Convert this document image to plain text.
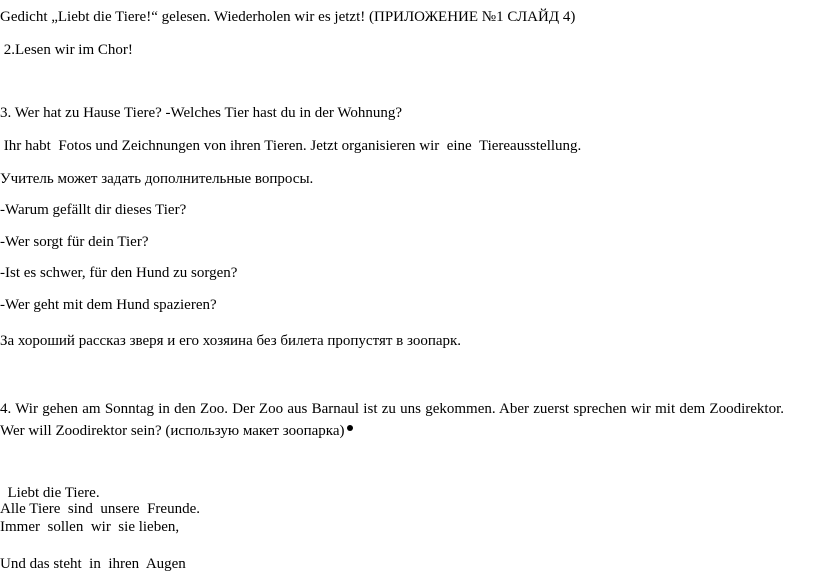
Gedicht „Liebt die Tiere!“ gelesen. Wiederholen wir es jetzt! (ПРИЛОЖЕНИЕ №1 СЛАЙД 4)
2.Lesen wir im Chor!
3. Wer hat zu Hause Tiere? -Welches Tier hast du in der Wohnung?
Ihr habt  Fotos und Zeichnungen von ihren Tieren. Jetzt organisieren wir  eine  Tiereausstellung.
Учитель может задать дополнительные вопросы.
-Warum gefällt dir dieses Tier?
-Wer sorgt für dein Tier?
-Ist es schwer, für den Hund zu sorgen?
-Wer geht mit dem Hund spazieren?
За хороший рассказ зверя и его хозяина без билета пропустят в зоопарк.
4. Wir gehen am Sonntag in den Zoo. Der Zoo aus Barnaul ist zu uns gekommen. Aber zuerst sprechen wir mit dem Zoodirektor. Wer will Zoodirektor sein? (использую макет зоопарка)
Liebt die Tiere.
Alle Tiere  sind  unsere  Freunde.
Immer  sollen  wir  sie lieben,
Und das steht  in  ihren  Augen
